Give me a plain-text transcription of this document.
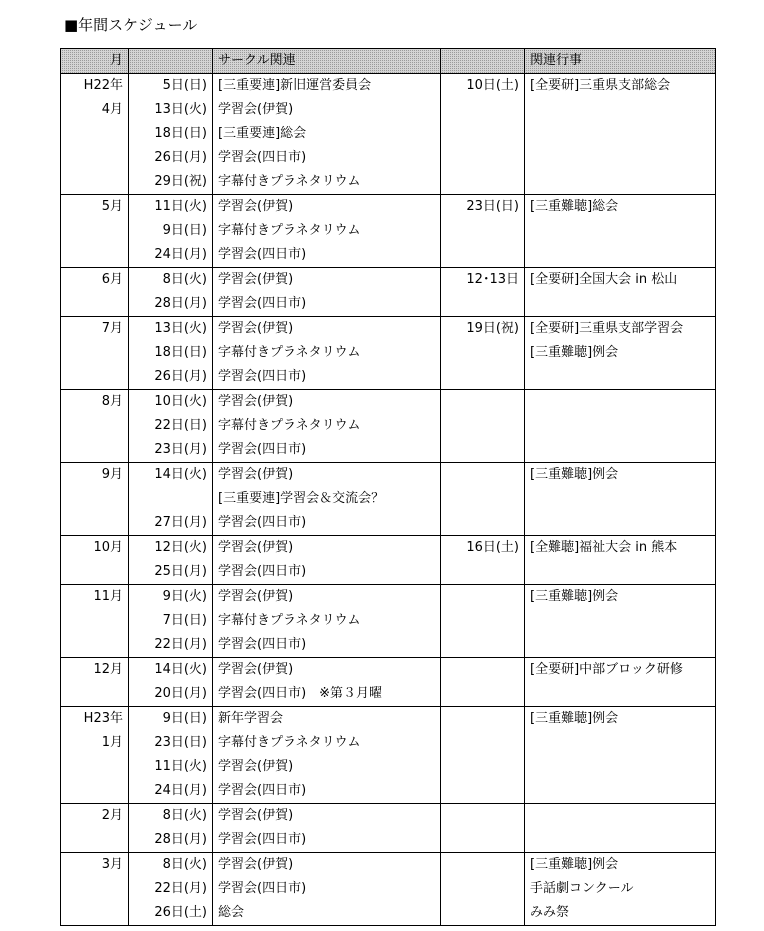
■年間スケジュール
月		サークル関連		関連行事
H22年	5日(日)	[三重要連]新旧運営委員会	10日(土)	[全要研]三重県支部総会
4月	13日(火)	学習会(伊賀)		
	18日(日)	[三重要連]総会		
	26日(月)	学習会(四日市)		
	29日(祝)	字幕付きプラネタリウム		
5月	11日(火)	学習会(伊賀)	23日(日)	[三重難聴]総会
	9日(日)	字幕付きプラネタリウム		
	24日(月)	学習会(四日市)		
6月	8日(火)	学習会(伊賀)	12･13日	[全要研]全国大会 in 松山
	28日(月)	学習会(四日市)		
7月	13日(火)	学習会(伊賀)	19日(祝)	[全要研]三重県支部学習会
	18日(日)	字幕付きプラネタリウム		[三重難聴]例会
	26日(月)	学習会(四日市)		
8月	10日(火)	学習会(伊賀)		
	22日(日)	字幕付きプラネタリウム		
	23日(月)	学習会(四日市)		
9月	14日(火)	学習会(伊賀)		[三重難聴]例会
		[三重要連]学習会＆交流会？		
	27日(月)	学習会(四日市)		
10月	12日(火)	学習会(伊賀)	16日(土)	[全難聴]福祉大会 in 熊本
	25日(月)	学習会(四日市)		
11月	9日(火)	学習会(伊賀)		[三重難聴]例会
	7日(日)	字幕付きプラネタリウム		
	22日(月)	学習会(四日市)		
12月	14日(火)	学習会(伊賀)		[全要研]中部ブロック研修
	20日(月)	学習会(四日市)　※第３月曜		
H23年	9日(日)	新年学習会		[三重難聴]例会
1月	23日(日)	字幕付きプラネタリウム		
	11日(火)	学習会(伊賀)		
	24日(月)	学習会(四日市)		
2月	8日(火)	学習会(伊賀)		
	28日(月)	学習会(四日市)		
3月	8日(火)	学習会(伊賀)		[三重難聴]例会
	22日(月)	学習会(四日市)		手話劇コンクール
	26日(土)	総会		みみ祭
